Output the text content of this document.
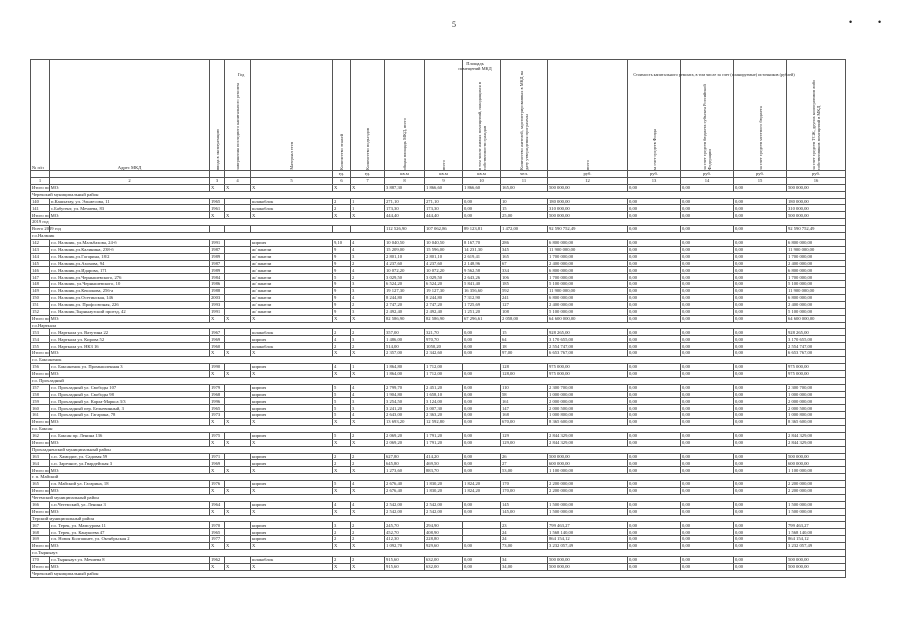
•	•
5
№ п/п	Адрес МКД	ввода в эксплуатацию	завершения последнего капитального ремонта	Материал стен	Количество этажей	Количество подъездов	общая площадь МКД, всего	всего	в том числе жилых помещений, находящихся в собственности граждан	Количество жителей, зарегистрированных в МКД на дату утверждения программы	всего	за счет средств Фонда	за счет средств бюджета субъекта Российской Федерации	за счет средств местного бюджета	за счет средств ТСЖ, других кооперативов либо собственников помещений в МКД

					ед.	ед.	кв.м	кв.м	кв.м	чел.	руб.	руб.	руб.	руб.	руб.
1	2	3	4	5	6	7	8	9	10	11	12	13	14	15	16
Итого по МО:		X	X	X	X	X	3 887,30	1 866,60	1 866,60	165,00	500 000,00	0,00	0,00	0,00	500 000,00
Черекский муниципальный район															
140	п.Кашхатау, ул. Эльмесова, 11	1965		шлакоблок	2	1	271,10	271,10	0,00	10	180 000,00	0,00	0,00	0,00	180 000,00
141	с.Бабугент, ул. Мечиева, 83	1961		шлакоблок	2	1	173,30	173,30	0,00	15	310 000,00	0,00	0,00	0,00	310 000,00
Итого по МО:		X	X	X	X	X	444,40	444,40	0,00	25,00	500 000,00	0,00	0,00	0,00	500 000,00
2019 год															
Всего 2019 год							112 526,90	107 062,86	89 123,81	1 472,00	92 590 752,49	0,00	0,00	0,00	92 590 752,49
г.о.Нальчик															
142	г.о. Нальчик, ул.Мальбахова, 24-б	1991		кирпич	9,10	4	10 040,50	10 040,50	8 167,70	286	6 800 000,00	0,00	0,00	0,00	6 800 000,00
143	г.о. Нальчик,ул.Калинина, 238-б	1987		ж/ панели	9	4	15 209,00	15 596,00	14 231,30	345	11 900 000,00	0,00	0,00	0,00	11 900 000,00
144	г.о. Нальчик,ул.Гагарина, 18/2	1989		ж/ панели	9	3	2 801,10	2 801,10	2 619,41	165	1 700 000,00	0,00	0,00	0,00	1 700 000,00
145	г.о. Нальчик,ул.Ахохова, 94	1987		ж/ панели	9	2	4 237,60	4 237,60	2 148,96	67	2 400 000,00	0,00	0,00	0,00	2 400 000,00
146	г.о. Нальчик,ул.Идарова, 171	1989		ж/ панели	9	4	10 072,20	10 072,20	9 562,58	334	6 800 000,00	0,00	0,00	0,00	6 800 000,00
147	г.о. Нальчик,ул.Чернышевского, 276	1984		ж/ панели	5	2	3 029,50	3 029,50	2 643,26	106	1 700 000,00	0,00	0,00	0,00	1 700 000,00
148	г.о. Нальчик, ул.Чернышевского, 10	1986		ж/ панели	9	3	6 524,20	6 524,20	5 841,40	185	5 100 000,00	0,00	0,00	0,00	5 100 000,00
149	г.о. Нальчик,ул.Кешокова, 256-а	1988		ж/ панели	9	3	19 127,30	19 127,30	16 356,60	592	11 900 000,00	0,00	0,00	0,00	11 900 000,00
150	г.о. Нальчик,ул.Осетинская, 146	2003		ж/ панели	9	4	8 244,80	8 244,80	7 312,90	241	6 800 000,00	0,00	0,00	0,00	6 800 000,00
151	г.о. Нальчик,ул. Профсоюзная, 226	1993		ж/ панели	9	2	2 747,20	2 747,20	1 725,69	127	2 400 000,00	0,00	0,00	0,00	2 400 000,00
152	г.о. Нальчик,Тырныаузский проезд, 42	1991		ж/ панели	9	3	2 492,40	2 492,40	1 251,20	108	5 100 000,00	0,00	0,00	0,00	5 100 000,00
Итого по МО:		X	X	X	X	X	82 586,90	82 586,90	67 296,61	2 058,00	64 600 000,00	0,00	0,00	0,00	64 600 000,00
г.о.Нарткала															
153	г.о. Нарткала ул. Ватутина 22	1967		шлакоблок	2	2	357,00	321,70	0,00	15	928 265,00	0,00	0,00	0,00	928 265,00
154	г.о. Нарткала ул. Кирова 52	1969		кирпич	4	3	1 486,00	970,70	0,00	64	3 170 655,00	0,00	0,00	0,00	3 170 655,00
155	г.о. Нарткала ул. НКЗ 16	1960		шлакоблок	2	2	514,00	1050,20	0,00	18	2 554 747,00	0,00	0,00	0,00	2 554 747,00
Итого по МО:		X	X	X	X	X	2 357,00	2 342,60	0,00	97,00	6 653 767,00	0,00	0,00	0,00	6 653 767,00
г.о. Баксаненок															
156	г.о. Баксаненок ул. Промышленная 3	1990		кирпич	4	1	1 864,80	1 712,00		128	975 000,00	0,00	0,00	0,00	975 000,00
Итого по МО:		X	X	X	X	X	1 864,00	1 712,00	0,00	128,00	975 000,00	0,00	0,00	0,00	975 000,00
г.о. Прохладный															
157	г.о. Прохладный ул. Свободы 107	1979		кирпич	5	4	2 799,70	2 451,20	0,00	110	2 300 700,00	0,00	0,00	0,00	2 300 700,00
158	г.о. Прохладный ул. Свободы 98	1968		кирпич	5	4	1 904,80	1 658,10	0,00	58	1 000 000,00	0,00	0,00	0,00	1 000 000,00
159	г.о. Прохладный ул. Карла-Маркса 3/3	1996		кирпич	5	3	3 254,50	3 124,00	0,00	161	2 000 000,00	0,00	0,00	0,00	2 000 000,00
160	г.о. Прохладный пер. Бельевинный, 3	1965		кирпич	5	3	3 241,20	3 007,30	0,00	147	2 000 500,00	0,00	0,00	0,00	2 000 500,00
161	г.о. Прохладный ул. Гагарина, 78	1973		кирпич	5	4	2 643,00	2 363,20	0,00	168	1 000 800,00	0,00	0,00	0,00	1 000 800,00
Итого по МО:		X	X	X	X	X	13 693,20	12 592,80	0,00	670,00	8 365 600,00	0,00	0,00	0,00	8 365 600,00
г.о. Баксан															
162	г.о. Баксан пр. Ленина 136	1975		кирпич	5	2	2 069,20	1 791,20	0,00	129	2 844 329,00	0,00	0,00	0,00	2 844 329,00
Итого по МО:		X	X	X	X	X	2 069,20	1 791,20	0,00	129,00	2 844 329,00	0,00	0,00	0,00	2 844 329,00
Прохладненский муниципальный район															
163	с.п. Хамидие, ул. Садовая 59	1971		кирпич	2	2	627,80	414,20	0,00	26	500 000,00	0,00	0,00	0,00	500 000,00
164	с.п. Заречное, ул.Гвардейская 3	1969		кирпич	2	2	645,80	469,50	0,00	27	600 000,00	0,00	0,00	0,00	600 000,00
Итого по МО:		X	X	X	X	X	1 273,60	883,70	0,00	53,00	1 100 000,00	0,00	0,00	0,00	1 100 000,00
г. п. Майский															
165	г.п. Майский ул. Гагарина, 18	1976		кирпич	5	4	2 676,40	1 830,20	1 824,20	170	2 200 000,00	0,00	0,00	0,00	2 200 000,00
Итого по МО:		X	X	X	X	X	2 676,40	1 830,20	1 824,20	170,00	2 200 000,00	0,00	0,00	0,00	2 200 000,00
Чегемский муниципальный район															
166	с.п.Чегемский, ул. Ленина 3	1964		кирпич	4	4	2 542,00	2 542,00	0,00	145	1 500 000,00	0,00	0,00	0,00	1 500 000,00
Итого по МО:		X	X	X	X	X	2 542,00	2 542,00	0,00	145,00	1 500 000,00	0,00	0,00	0,00	1 500 000,00
Терский муниципальный район															
167	г.о. Терек, ул. Мамсурова 11	1970		кирпич	3	2	245,70	294,90		23	799 463,27	0,00	0,00	0,00	799 463,27
168	г.о. Терек, ул. Канукоева 47	1965		кирпич	2	2	452,70	408,90		24	1 568 140,00	0,00	0,00	0,00	1 568 140,00
169	г.п. Новоя Колгашнет, ул. Октябрьская 2	1977		кирпич	2	2	412,30	228,80		24	864 154,12	0,00	0,00	0,00	864 154,12
Итого по МО:		X	X	X	X	X	1 092,70	929,60	0,00	73,00	3 232 057,49	0,00	0,00	0,00	3 232 057,49
г.о.Тырныауз															
170	г.о.Тырныауз ул. Мечиева 8	1962		шлакоблок	2	2	915,60	632,00	0,00	34	500 000,00	0,00	0,00	0,00	500 000,00
Итого по МО:		X	X	X	X	X	915,60	632,00	0,00	34,00	500 000,00	0,00	0,00	0,00	500 000,00
Черекский муниципальный район															
Год
Площадь
помещений МКД
Стоимость капитального ремонта, в том числе за счет (планируемые) источников (рублей)
